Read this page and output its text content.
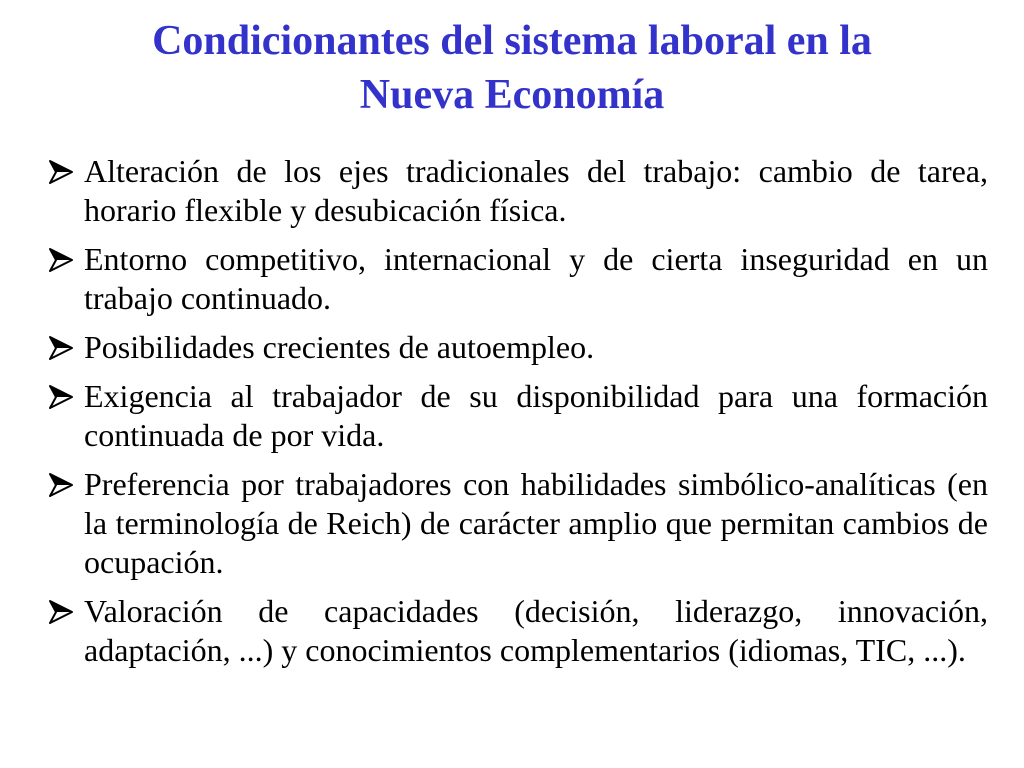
Condicionantes del sistema laboral en la
Nueva Economía
Alteración de los ejes tradicionales del trabajo: cambio de tarea, horario flexible y desubicación física.
Entorno competitivo, internacional y de cierta inseguridad en un trabajo continuado.
Posibilidades crecientes de autoempleo.
Exigencia al trabajador de su disponibilidad para una formación continuada de por vida.
Preferencia por trabajadores con habilidades simbólico-analíticas (en la terminología de Reich) de carácter amplio que permitan cambios de ocupación.
Valoración de capacidades (decisión, liderazgo, innovación, adaptación, ...) y conocimientos complementarios (idiomas, TIC, ...).
